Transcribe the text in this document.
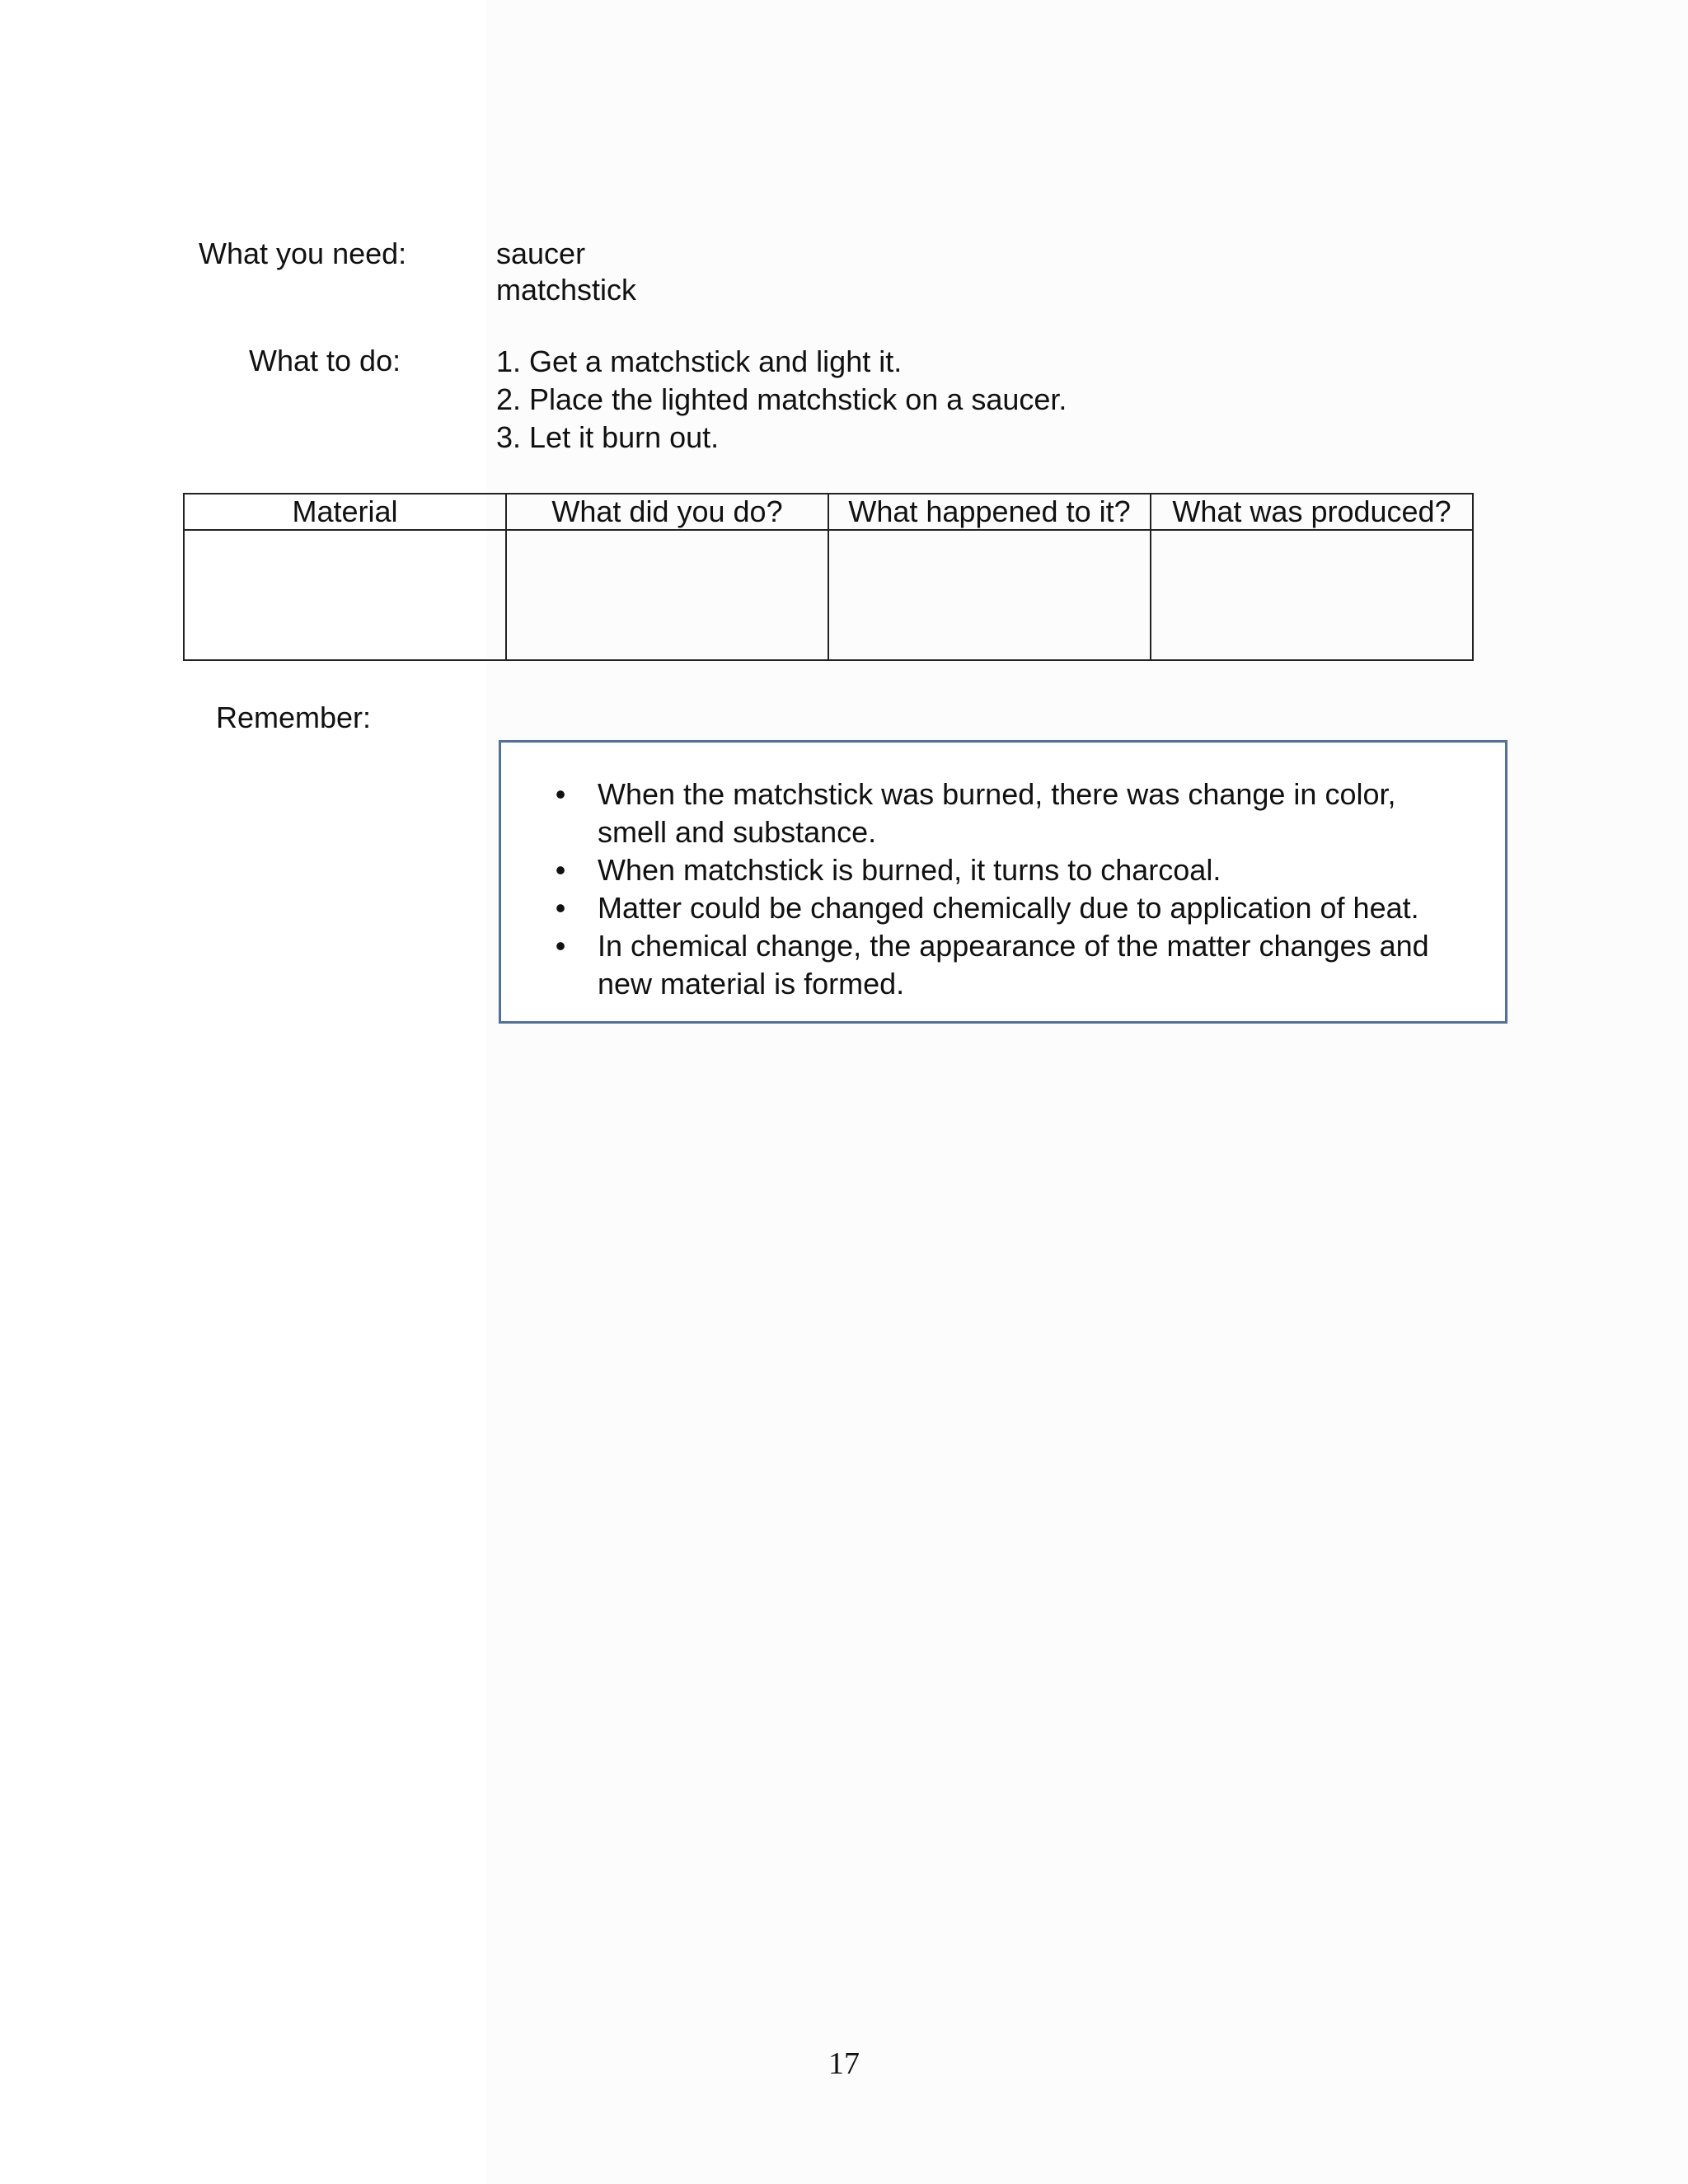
What you need:	saucer
matchstick
What to do:	1. Get a matchstick and light it.
2. Place the lighted matchstick on a saucer.
3. Let it burn out.
Material	What did you do?	What happened to it?	What was produced?

Remember:
• When the matchstick was burned, there was change in color, smell and substance.
• When matchstick is burned, it turns to charcoal.
• Matter could be changed chemically due to application of heat.
• In chemical change, the appearance of the matter changes and new material is formed.
17
